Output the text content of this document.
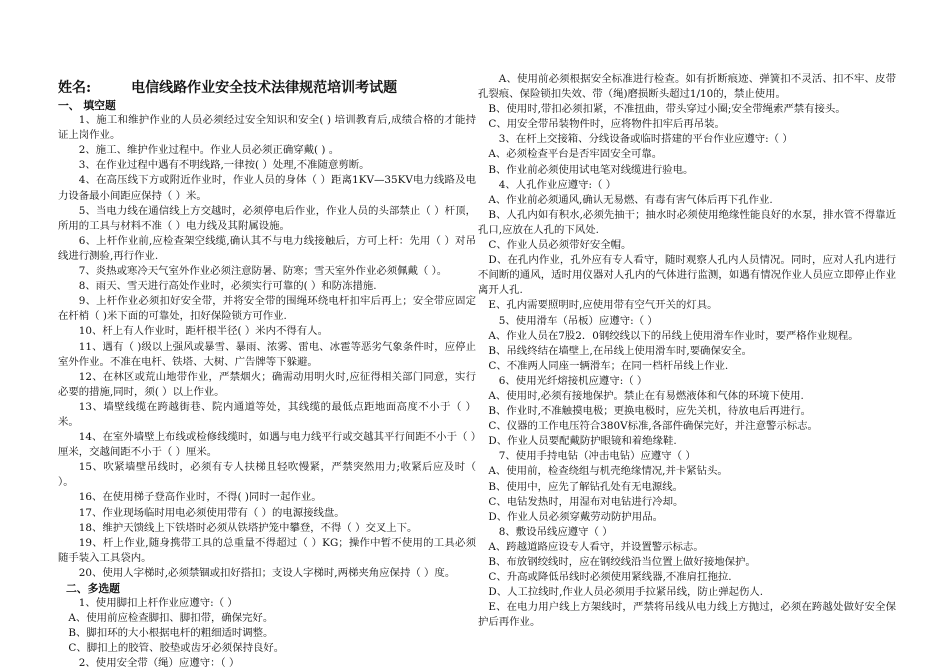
姓名:	电信线路作业安全技术法律规范培训考试题
一、 填空题

1、施工和维护作业的人员必须经过安全知识和安全( ) 培训教育后,成绩合格的才能持证上岗作业。

2、施工、维护作业过程中。作业人员必须正确穿戴( ) 。

3、在作业过程中遇有不明线路,一律按( ）处理,不准随意剪断。

4、在高压线下方或附近作业时，作业人员的身体（ ）距离1KV—35KV电力线路及电力设备最小间距应保持（ ）米。

5、当电力线在通信线上方交越时，必须停电后作业，作业人员的头部禁止（ ）杆顶，所用的工具与材料不准（ ）电力线及其附属设施。

6、上杆作业前,应检查架空线缆,确认其不与电力线接触后，方可上杆：先用（ ）对吊线进行测验,再行作业.

7、炎热或寒冷天气室外作业必须注意防暑、防寒；雪天室外作业必须佩戴（ ）。

8、雨天、雪天进行高处作业时，必须实行可靠的( ）和防冻措施.

9、上杆作业必须扣好安全带，并将安全带的围绳环绕电杆扣牢后再上；安全带应固定在杆梢（ )米下面的可靠处，扣好保险锁方可作业.

10、杆上有人作业时，距杆根半径( ）米内不得有人。

11、遇有（ )级以上强风或暴雪、暴雨、浓雾、雷电、冰雹等恶劣气象条件时，应停止室外作业。不准在电杆、铁塔、大树、广告牌等下躲避。

12、在林区或荒山地带作业，严禁烟火；确需动用明火时,应征得相关部门同意，实行必要的措施,同时，须( ）以上作业。

13、墙壁线缆在跨越街巷、院内通道等处，其线缆的最低点距地面高度不小于（ ）米。

14、在室外墙壁上布线或检修线缆时，如遇与电力线平行或交越其平行间距不小于（ ）厘米，交越间距不小于（ ）厘米。

15、吹紧墙壁吊线时，必须有专人扶梯且轻吹慢紧，严禁突然用力;收紧后应及时（ ）。

16、在使用梯子登高作业时，不得( )同时一起作业。

17、作业现场临时用电必须使用带有（ ）的电源接线盘。

18、维护天馈线上下铁塔时必须从铁塔护笼中攀登，不得（ ）交叉上下。

19、杆上作业,随身携带工具的总重量不得超过（ ）KG；操作中暂不使用的工具必须随手装入工具袋内。

20、使用人字梯时,必须禁锢或扣好搭扣；支设人字梯时,两梯夹角应保持（ ）度。

二、多选题

1、使用脚扣上杆作业应遵守:（ ）

A、使用前应检查脚扣、脚扣带，确保完好。

B、脚扣环的大小根据电杆的粗细适时调整。

C、脚扣上的胶管、胶垫或齿牙必须保持良好。

2、使用安全带（绳）应遵守：（ ）

A、使用前必须根据安全标准进行检查。如有折断痕迹、弹簧扣不灵活、扣不牢、皮带孔裂痕、保险锁扣失效、带（绳)磨损断头超过1/10的，禁止使用。

B、使用时,带扣必须扣紧，不准扭曲，带头穿过小圈;安全带绳索严禁有接头。

C、用安全带吊装物件时，应将物件扣牢后再吊装。

3、在杆上交接箱、分线设备或临时搭建的平台作业应遵守:（ ）

A、必须检查平台是否牢固安全可靠。

B、作业前必须使用试电笔对线缆进行验电。

4、人孔作业应遵守:（ ）

A、作业前必须通风,确认无易燃、有毒有害气体后再下孔作业.

B、人孔内如有积水,必须先抽干；抽水时必须使用绝缘性能良好的水泵，排水管不得靠近孔口,应放在人孔的下风处.

C、作业人员必须带好安全帽。

D、在孔内作业，孔外应有专人看守，随时观察人孔内人员情况。同时，应对人孔内进行不间断的通风，适时用仪器对人孔内的气体进行监测，如遇有情况作业人员应立即停止作业离开人孔.

E、孔内需要照明时,应使用带有空气开关的灯具。

5、使用滑车（吊板）应遵守:（ ）

A、作业人员在7股2．0钢绞线以下的吊线上使用滑车作业时，要严格作业规程。

B、吊线终结在墙壁上,在吊线上使用滑车时,要确保安全。

C、不准两人同座一辆滑车；在同一档杆吊线上作业.

6、使用光纤熔接机应遵守:（ ）

A、使用时,必须有接地保护。禁止在有易燃液体和气体的环境下使用.

B、作业时,不准触摸电极；更换电极时，应先关机，待放电后再进行。

C、仪器的工作电压符合380V标准,各部件确保完好，并注意警示标志。

D、作业人员要配戴防护眼镜和着绝缘鞋.

7、使用手持电钻（冲击电钻）应遵守（ ）

A、使用前，检查绕组与机壳绝缘情况,并卡紧钻头。

B、使用中，应先了解钻孔处有无电源线。

C、电钻发热时，用湿布对电钻进行冷却。

D、作业人员必须穿戴劳动防护用品。

8、敷设吊线应遵守（ ）

A、跨越道路应设专人看守，并设置警示标志。

B、布放钢绞线时，应在钢绞线沿当位置上做好接地保护。

C、升高或降低吊线时必须使用紧线器,不准肩扛拖拉.

D、人工拉线时,作业人员必须用手拉紧吊线，防止弹起伤人.

E、在电力用户线上方架线时，严禁将吊线从电力线上方抛过，必须在跨越处做好安全保护后再作业。
